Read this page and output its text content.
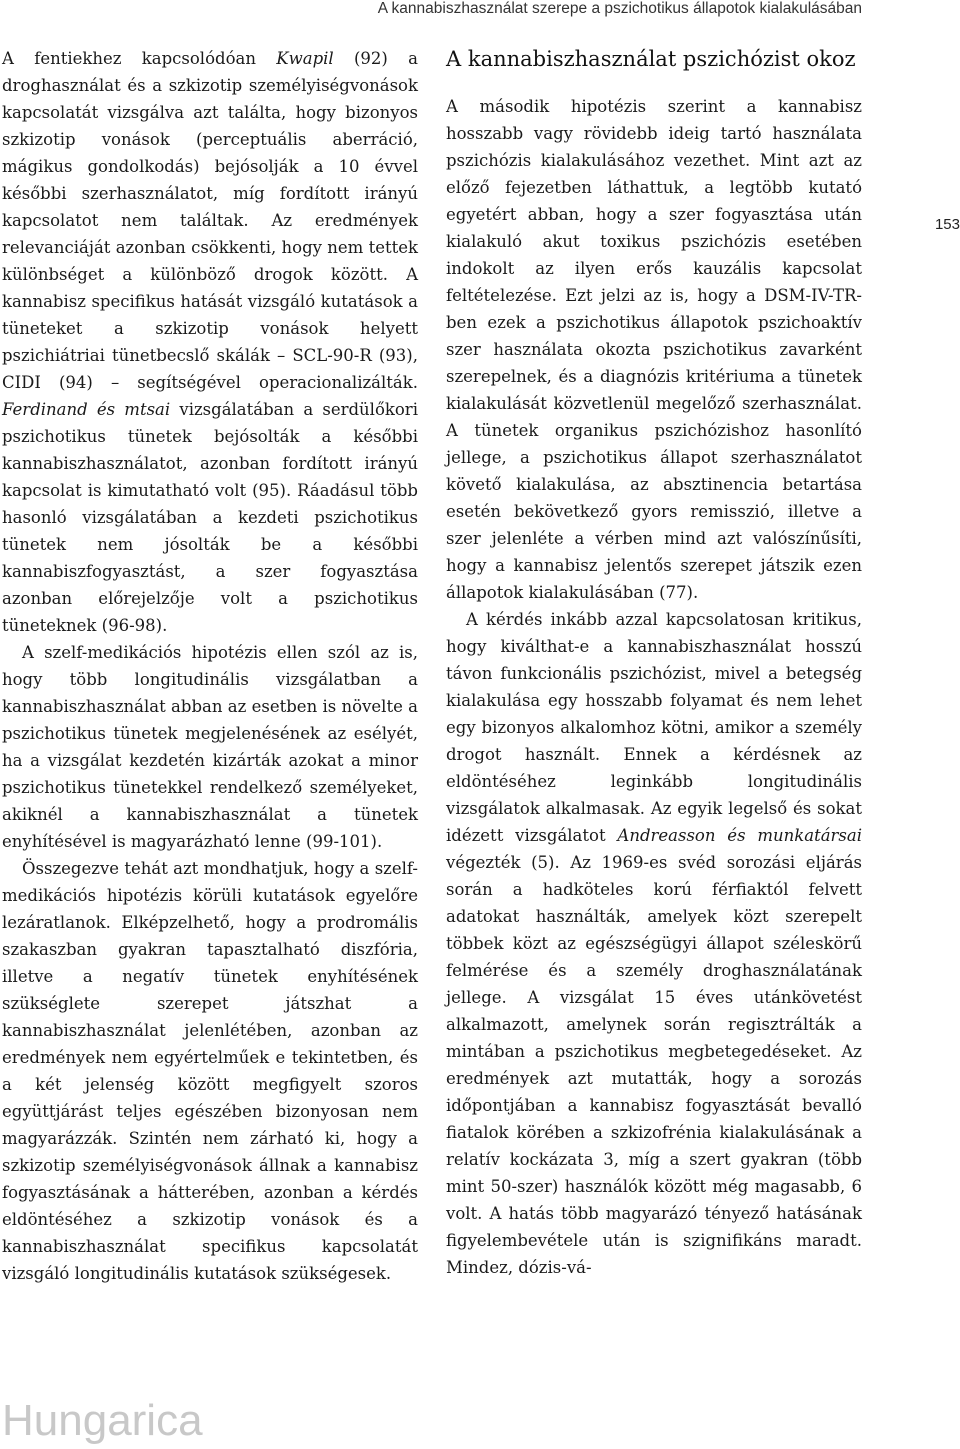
A kannabiszhasználat szerepe a pszichotikus állapotok kialakulásában

A fentiekhez kapcsolódóan Kwapil (92) a droghasználat és a szkizotip személyiségvonások kapcsolatát vizsgálva azt találta, hogy bizonyos szkizotip vonások (perceptuális aberráció, mágikus gondolkodás) bejósolják a 10 évvel későbbi szerhasználatot, míg fordított irányú kapcsolatot nem találtak. Az eredmények relevanciáját azonban csökkenti, hogy nem tettek különbséget a különböző drogok között. A kannabisz specifikus hatását vizsgáló kutatások a tüneteket a szkizotip vonások helyett pszichiátriai tünetbecslő skálák – SCL-90-R (93), CIDI (94) – segítségével operacionalizálták. Ferdinand és mtsai vizsgálatában a serdülőkori pszichotikus tünetek bejósolták a későbbi kannabiszhasználatot, azonban fordított irányú kapcsolat is kimutatható volt (95). Ráadásul több hasonló vizsgálatában a kezdeti pszichotikus tünetek nem jósolták be a későbbi kannabiszfogyasztást, a szer fogyasztása azonban előrejelzője volt a pszichotikus tüneteknek (96-98).

A szelf-medikációs hipotézis ellen szól az is, hogy több longitudinális vizsgálatban a kannabiszhasználat abban az esetben is növelte a pszichotikus tünetek megjelenésének az esélyét, ha a vizsgálat kezdetén kizárták azokat a minor pszichotikus tünetekkel rendelkező személyeket, akiknél a kannabiszhasználat a tünetek enyhítésével is magyarázható lenne (99-101).

Összegezve tehát azt mondhatjuk, hogy a szelf-medikációs hipotézis körüli kutatások egyelőre lezáratlanok. Elképzelhető, hogy a prodromális szakaszban gyakran tapasztalható diszfória, illetve a negatív tünetek enyhítésének szükséglete szerepet játszhat a kannabiszhasználat jelenlétében, azonban az eredmények nem egyértelműek e tekintetben, és a két jelenség között megfigyelt szoros együttjárást teljes egészében bizonyosan nem magyarázzák. Szintén nem zárható ki, hogy a szkizotip személyiségvonások állnak a kannabisz fogyasztásának a hátterében, azonban a kérdés eldöntéséhez a szkizotip vonások és a kannabiszhasználat specifikus kapcsolatát vizsgáló longitudinális kutatások szükségesek.

A kannabiszhasználat pszichózist okoz

A második hipotézis szerint a kannabisz hosszabb vagy rövidebb ideig tartó használata pszichózis kialakulásához vezethet. Mint azt az előző fejezetben láthattuk, a legtöbb kutató egyetért abban, hogy a szer fogyasztása után kialakuló akut toxikus pszichózis esetében indokolt az ilyen erős kauzális kapcsolat feltételezése. Ezt jelzi az is, hogy a DSM-IV-TR-ben ezek a pszichotikus állapotok pszichoaktív szer használata okozta pszichotikus zavarként szerepelnek, és a diagnózis kritériuma a tünetek kialakulását közvetlenül megelőző szerhasználat. A tünetek organikus pszichózishoz hasonlító jellege, a pszichotikus állapot szerhasználatot követő kialakulása, az absztinencia betartása esetén bekövetkező gyors remisszió, illetve a szer jelenléte a vérben mind azt valószínűsíti, hogy a kannabisz jelentős szerepet játszik ezen állapotok kialakulásában (77).

A kérdés inkább azzal kapcsolatosan kritikus, hogy kiválthat-e a kannabiszhasználat hosszú távon funkcionális pszichózist, mivel a betegség kialakulása egy hosszabb folyamat és nem lehet egy bizonyos alkalomhoz kötni, amikor a személy drogot használt. Ennek a kérdésnek az eldöntéséhez leginkább longitudinális vizsgálatok alkalmasak. Az egyik legelső és sokat idézett vizsgálatot Andreasson és munkatársai végezték (5). Az 1969-es svéd sorozási eljárás során a hadköteles korú férfiaktól felvett adatokat használták, amelyek közt szerepelt többek közt az egészségügyi állapot széleskörű felmérése és a személy droghasználatának jellege. A vizsgálat 15 éves utánkövetést alkalmazott, amelynek során regisztrálták a mintában a pszichotikus megbetegedéseket. Az eredmények azt mutatták, hogy a sorozás időpontjában a kannabisz fogyasztását bevalló fiatalok körében a szkizofrénia kialakulásának a relatív kockázata 3, míg a szert gyakran (több mint 50-szer) használók között még magasabb, 6 volt. A hatás több magyarázó tényező hatásának figyelembevétele után is szignifikáns maradt. Mindez, dózis-vá-

153
Hungarica
